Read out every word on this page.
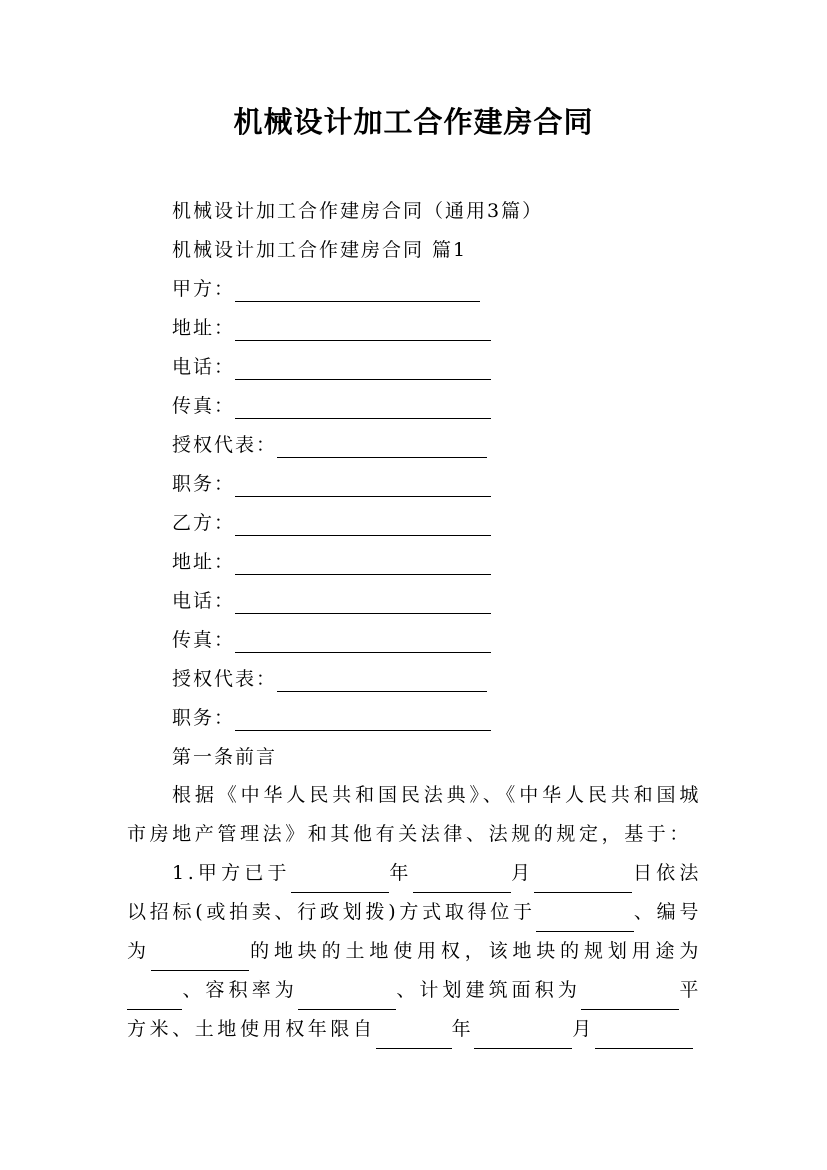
机械设计加工合作建房合同
机械设计加工合作建房合同（通用3篇）
机械设计加工合作建房合同 篇1
甲方：
地址：
电话：
传真：
授权代表：
职务：
乙方：
地址：
电话：
传真：
授权代表：
职务：
第一条前言
根据《中华人民共和国民法典》、《中华人民共和国城市房地产管理法》和其他有关法律、法规的规定，基于：
1.甲方已于	年	月	日依法以招标(或拍卖、行政划拨)方式取得位于	、编号为	的地块的土地使用权，该地块的规划用途为、容积率为	、计划建筑面积为	平方米、土地使用权年限自	年	月
